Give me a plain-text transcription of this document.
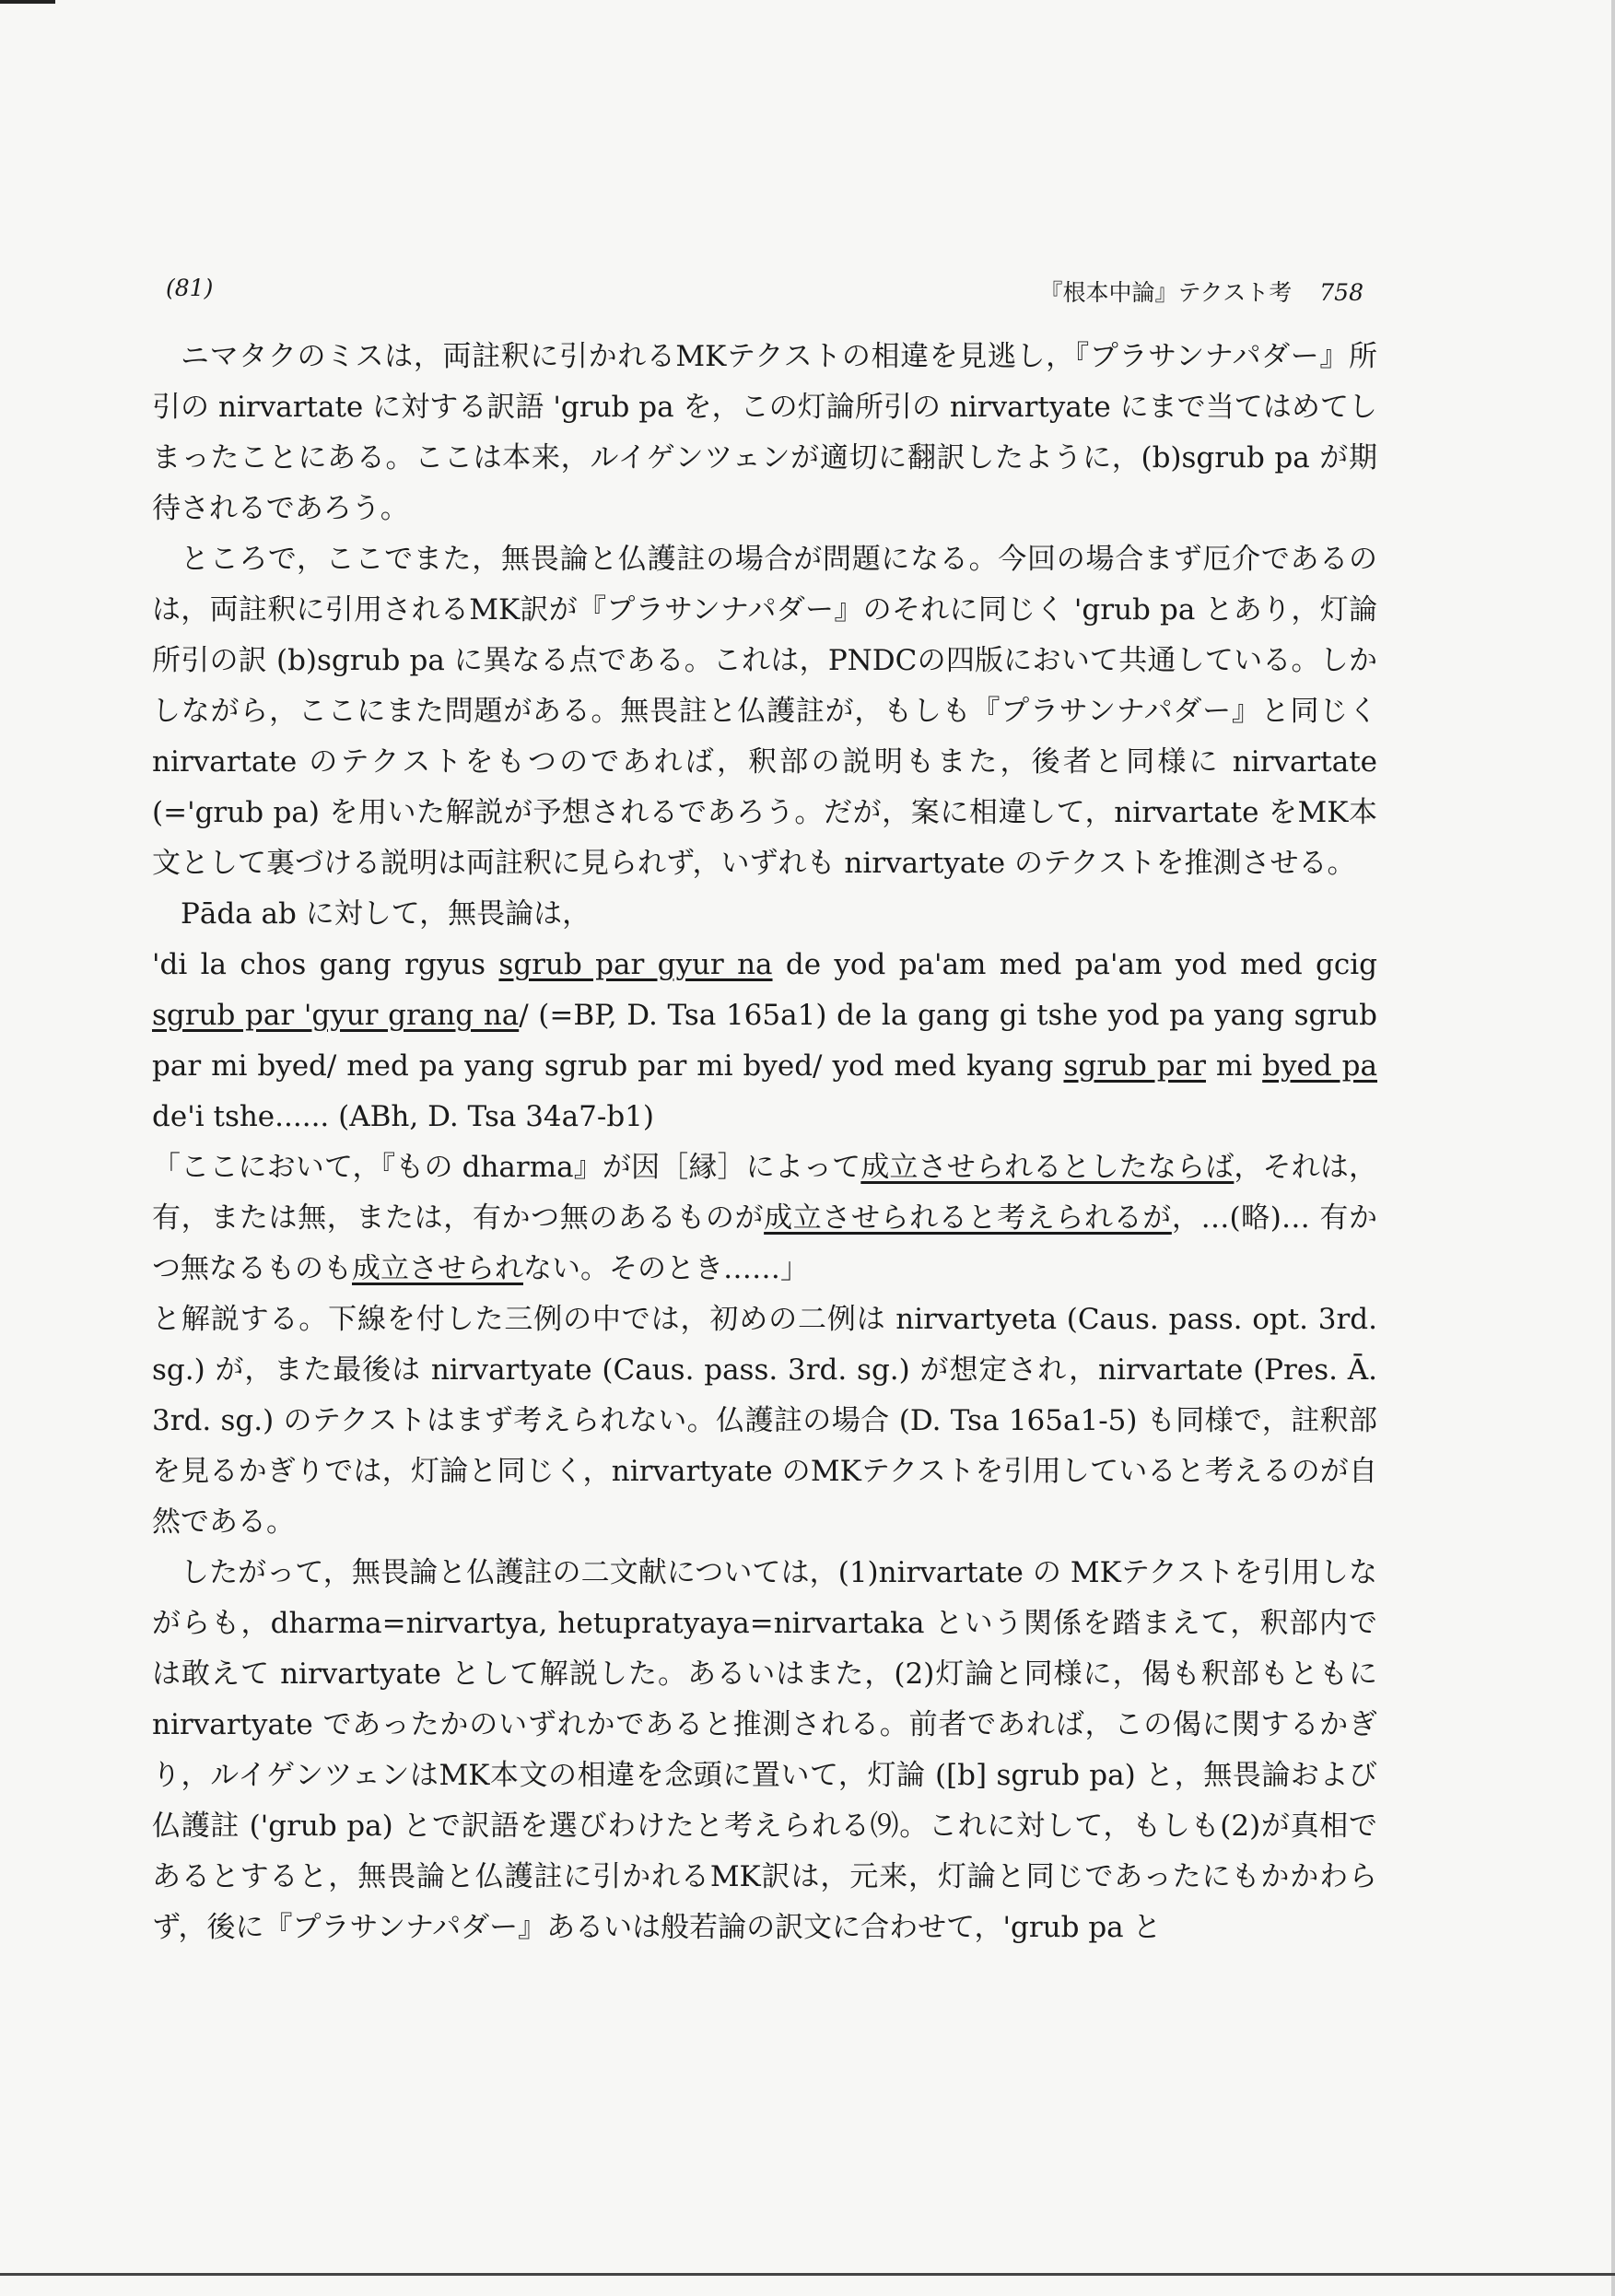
(81)	『根本中論』テクスト考 758

ニマタクのミスは，両註釈に引かれるMKテクストの相違を見逃し，『プラサンナパダー』所引の nirvartate に対する訳語 'grub pa を，この灯論所引の nirvartyate にまで当てはめてしまったことにある。ここは本来，ルイゲンツェンが適切に翻訳したように，(b)sgrub pa が期待されるであろう。

ところで，ここでまた，無畏論と仏護註の場合が問題になる。今回の場合まず厄介であるのは，両註釈に引用されるMK訳が『プラサンナパダー』のそれに同じく 'grub pa とあり，灯論所引の訳 (b)sgrub pa に異なる点である。これは，PNDCの四版において共通している。しかしながら，ここにまた問題がある。無畏註と仏護註が，もしも『プラサンナパダー』と同じく nirvartate のテクストをもつのであれば，釈部の説明もまた，後者と同様に nirvartate (='grub pa) を用いた解説が予想されるであろう。だが，案に相違して，nirvartate をMK本文として裏づける説明は両註釈に見られず，いずれも nirvartyate のテクストを推測させる。

Pāda ab に対して，無畏論は，

'di la chos gang rgyus sgrub par gyur na de yod pa'am med pa'am yod med gcig sgrub par 'gyur grang na/ (=BP, D. Tsa 165a1) de la gang gi tshe yod pa yang sgrub par mi byed/ med pa yang sgrub par mi byed/ yod med kyang sgrub par mi byed pa de'i tshe...... (ABh, D. Tsa 34a7-b1)

「ここにおいて，『もの dharma』が因［縁］によって成立させられるとしたならば，それは，有，または無，または，有かつ無のあるものが成立させられると考えられるが，…(略)… 有かつ無なるものも成立させられない。そのとき……」

と解説する。下線を付した三例の中では，初めの二例は nirvartyeta (Caus. pass. opt. 3rd. sg.) が，また最後は nirvartyate (Caus. pass. 3rd. sg.) が想定され，nirvartate (Pres. Ā. 3rd. sg.) のテクストはまず考えられない。仏護註の場合 (D. Tsa 165a1-5) も同様で，註釈部を見るかぎりでは，灯論と同じく，nirvartyate のMKテクストを引用していると考えるのが自然である。

したがって，無畏論と仏護註の二文献については，(1)nirvartate の MKテクストを引用しながらも，dharma=nirvartya, hetupratyaya=nirvartaka という関係を踏まえて，釈部内では敢えて nirvartyate として解説した。あるいはまた，(2)灯論と同様に，偈も釈部もともに nirvartyate であったかのいずれかであると推測される。前者であれば，この偈に関するかぎり，ルイゲンツェンはMK本文の相違を念頭に置いて，灯論 ([b] sgrub pa) と，無畏論および仏護註 ('grub pa) とで訳語を選びわけたと考えられる⑼。これに対して，もしも(2)が真相であるとすると，無畏論と仏護註に引かれるMK訳は，元来，灯論と同じであったにもかかわらず，後に『プラサンナパダー』あるいは般若論の訳文に合わせて，'grub pa と
